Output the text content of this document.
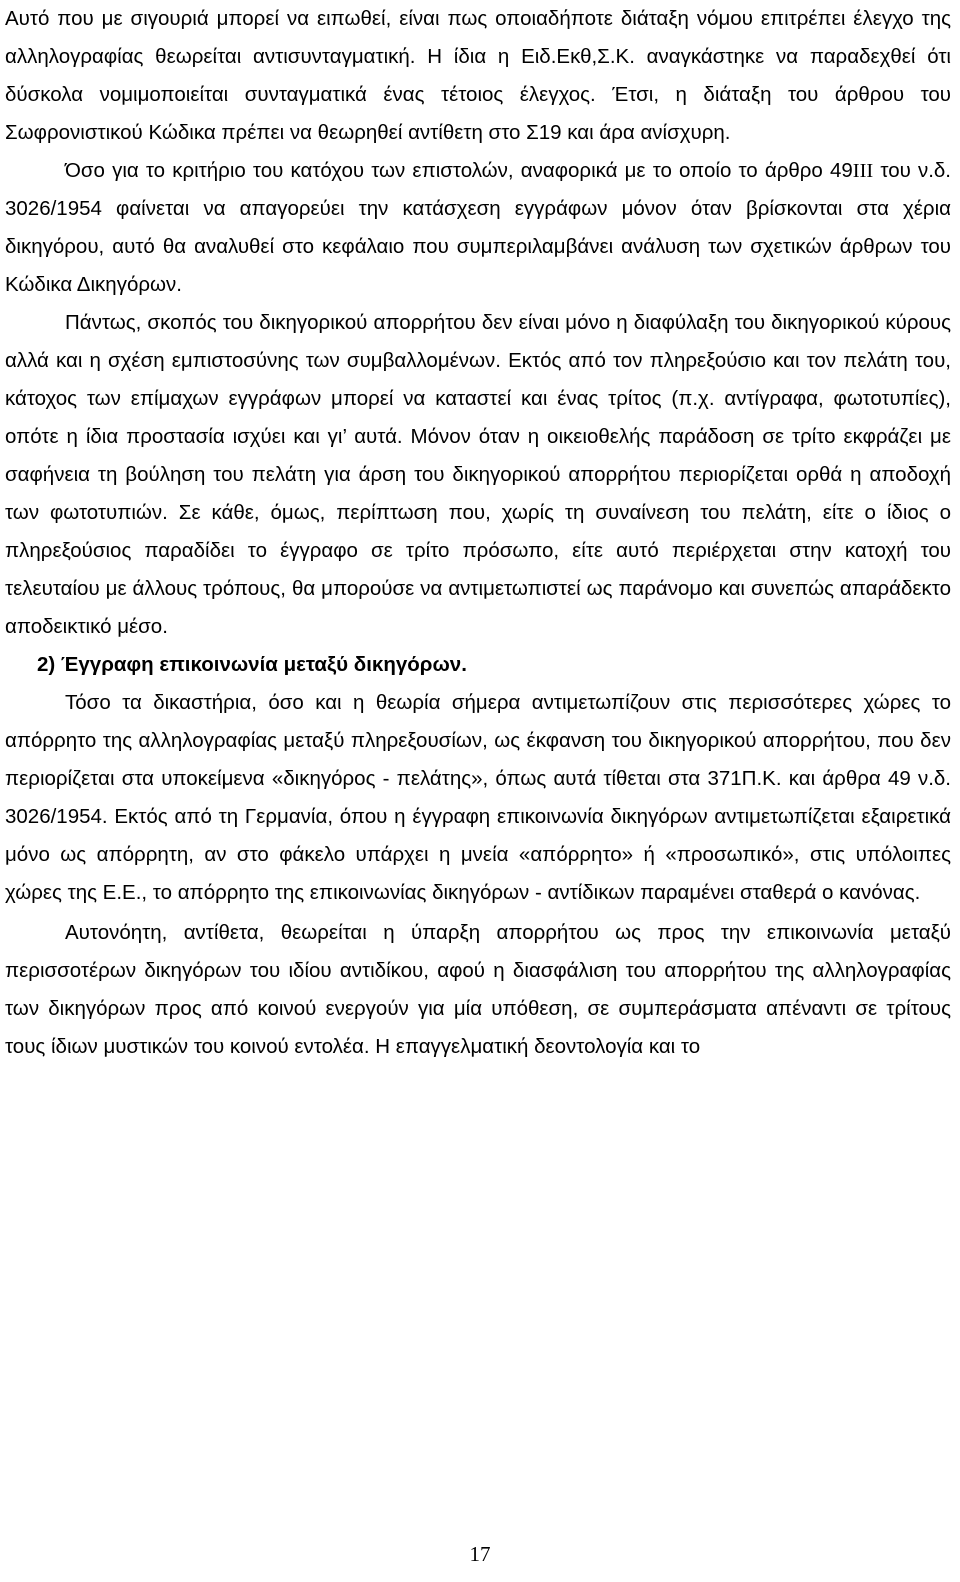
Αυτό που με σιγουριά μπορεί να ειπωθεί, είναι πως οποιαδήποτε διάταξη νόμου επιτρέπει έλεγχο της αλληλογραφίας θεωρείται αντισυνταγματική. Η ίδια η Ειδ.Εκθ,Σ.Κ. αναγκάστηκε να παραδεχθεί ότι δύσκολα νομιμοποιείται συνταγματικά ένας τέτοιος έλεγχος. Έτσι, η διάταξη του άρθρου του Σωφρονιστικού Κώδικα πρέπει να θεωρηθεί αντίθετη στο Σ19 και άρα ανίσχυρη.

Όσο για το κριτήριο του κατόχου των επιστολών, αναφορικά με το οποίο το άρθρο 49ΙΙΙ του ν.δ. 3026/1954 φαίνεται να απαγορεύει την κατάσχεση εγγράφων μόνον όταν βρίσκονται στα χέρια δικηγόρου, αυτό θα αναλυθεί στο κεφάλαιο που συμπεριλαμβάνει ανάλυση των σχετικών άρθρων του Κώδικα Δικηγόρων.

Πάντως, σκοπός του δικηγορικού απορρήτου δεν είναι μόνο η διαφύλαξη του δικηγορικού κύρους αλλά και η σχέση εμπιστοσύνης των συμβαλλομένων. Εκτός από τον πληρεξούσιο και τον πελάτη του, κάτοχος των επίμαχων εγγράφων μπορεί να καταστεί και ένας τρίτος (π.χ. αντίγραφα, φωτοτυπίες), οπότε η ίδια προστασία ισχύει και γι’ αυτά. Μόνον όταν η οικειοθελής παράδοση σε τρίτο εκφράζει με σαφήνεια τη βούληση του πελάτη για άρση του δικηγορικού απορρήτου περιορίζεται ορθά η αποδοχή των φωτοτυπιών. Σε κάθε, όμως, περίπτωση που, χωρίς τη συναίνεση του πελάτη, είτε ο ίδιος ο πληρεξούσιος παραδίδει το έγγραφο σε τρίτο πρόσωπο, είτε αυτό περιέρχεται στην κατοχή του τελευταίου με άλλους τρόπους, θα μπορούσε να αντιμετωπιστεί ως παράνομο και συνεπώς απαράδεκτο αποδεικτικό μέσο.

2) Έγγραφη επικοινωνία μεταξύ δικηγόρων.

Τόσο τα δικαστήρια, όσο και η θεωρία σήμερα αντιμετωπίζουν στις περισσότερες χώρες το απόρρητο της αλληλογραφίας μεταξύ πληρεξουσίων, ως έκφανση του δικηγορικού απορρήτου, που δεν περιορίζεται στα υποκείμενα «δικηγόρος - πελάτης», όπως αυτά τίθεται στα 371Π.Κ. και άρθρα 49 ν.δ. 3026/1954. Εκτός από τη Γερμανία, όπου η έγγραφη επικοινωνία δικηγόρων αντιμετωπίζεται εξαιρετικά μόνο ως απόρρητη, αν στο φάκελο υπάρχει η μνεία «απόρρητο» ή «προσωπικό», στις υπόλοιπες χώρες της Ε.Ε., το απόρρητο της επικοινωνίας δικηγόρων - αντίδικων παραμένει σταθερά ο κανόνας.

Αυτονόητη, αντίθετα, θεωρείται η ύπαρξη απορρήτου ως προς την επικοινωνία μεταξύ περισσοτέρων δικηγόρων του ιδίου αντιδίκου, αφού η διασφάλιση του απορρήτου της αλληλογραφίας των δικηγόρων προς από κοινού ενεργούν για μία υπόθεση, σε συμπεράσματα απέναντι σε τρίτους τους ίδιων μυστικών του κοινού εντολέα. Η επαγγελματική δεοντολογία και το

17
